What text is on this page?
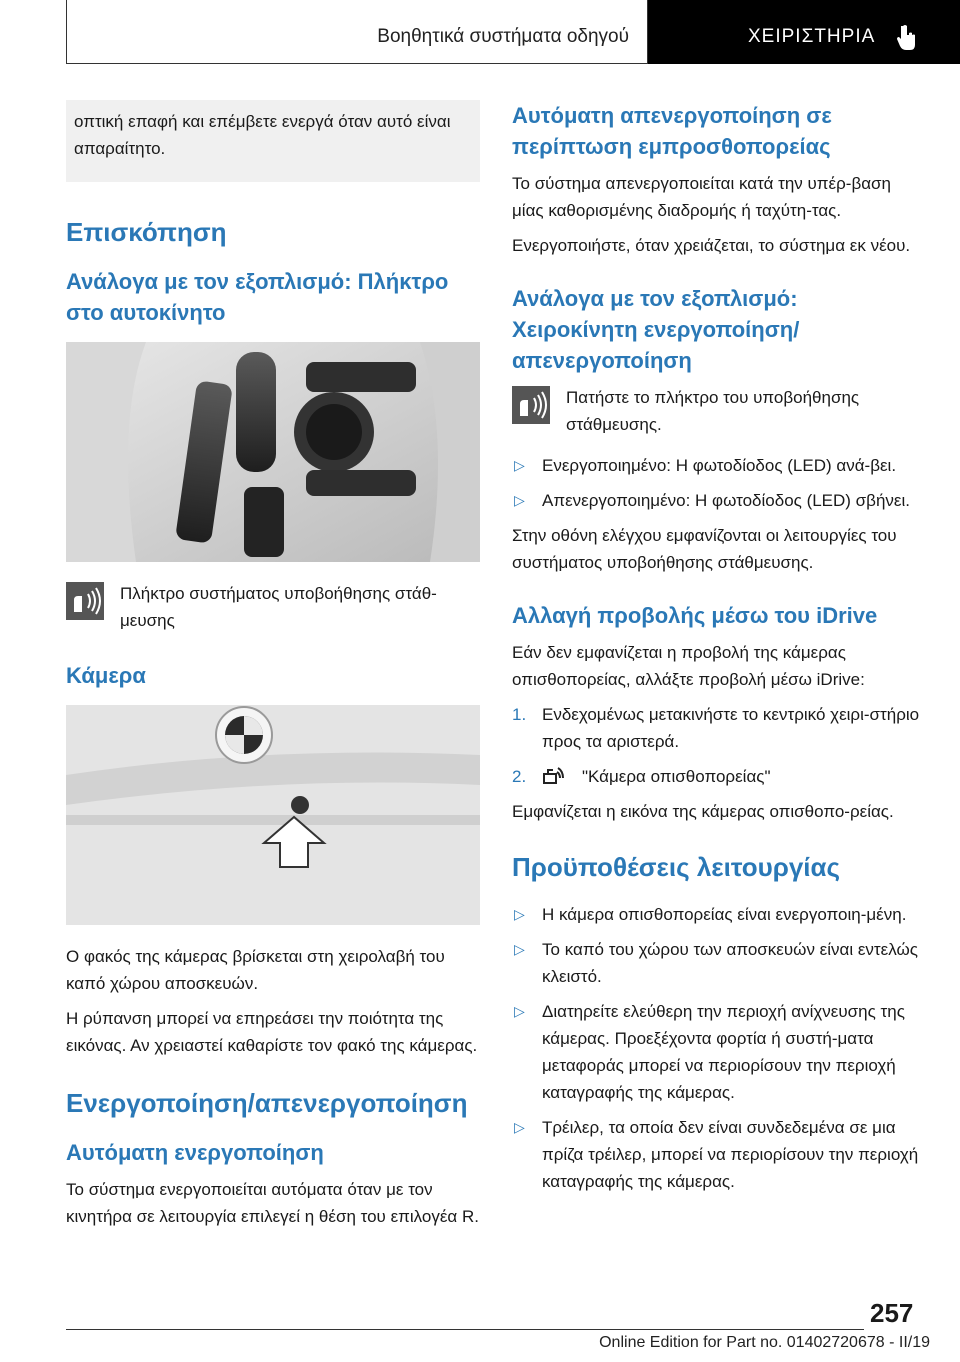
Βοηθητικά συστήματα οδηγού	ΧΕΙΡΙΣΤΗΡΙΑ
οπτική επαφή και επέμβετε ενεργά όταν αυτό είναι απαραίτητο.
Επισκόπηση
Ανάλογα με τον εξοπλισμό: Πλήκτρο στο αυτοκίνητο

Πλήκτρο συστήματος υποβοήθησης στάθ-μευσης

Κάμερα

Ο φακός της κάμερας βρίσκεται στη χειρολαβή του καπό χώρου αποσκευών.

Η ρύπανση μπορεί να επηρεάσει την ποιότητα της εικόνας. Αν χρειαστεί καθαρίστε τον φακό της κάμερας.

Ενεργοποίηση/απενεργοποίηση
Αυτόματη ενεργοποίηση

Το σύστημα ενεργοποιείται αυτόματα όταν με τον κινητήρα σε λειτουργία επιλεγεί η θέση του επιλογέα R.

Αυτόματη απενεργοποίηση σε περίπτωση εμπροσθοπορείας

Το σύστημα απενεργοποιείται κατά την υπέρ-βαση μίας καθορισμένης διαδρομής ή ταχύτη-τας.

Ενεργοποιήστε, όταν χρειάζεται, το σύστημα εκ νέου.

Ανάλογα με τον εξοπλισμό: Χειροκίνητη ενεργοποίηση/ απενεργοποίηση

Πατήστε το πλήκτρο του υποβοήθησης στάθμευσης.

▷ Ενεργοποιημένο: Η φωτοδίοδος (LED) ανά-βει.
▷ Απενεργοποιημένο: Η φωτοδίοδος (LED) σβήνει.

Στην οθόνη ελέγχου εμφανίζονται οι λειτουργίες του συστήματος υποβοήθησης στάθμευσης.

Αλλαγή προβολής μέσω του iDrive

Εάν δεν εμφανίζεται η προβολή της κάμερας οπισθοπορείας, αλλάξτε προβολή μέσω iDrive:

1. Ενδεχομένως μετακινήστε το κεντρικό χειρι-στήριο προς τα αριστερά.
2.	"Κάμερα οπισθοπορείας"

Εμφανίζεται η εικόνα της κάμερας οπισθοπο-ρείας.

Προϋποθέσεις λειτουργίας
▷ Η κάμερα οπισθοπορείας είναι ενεργοποιη-μένη.
▷ Το καπό του χώρου των αποσκευών είναι εντελώς κλειστό.
▷ Διατηρείτε ελεύθερη την περιοχή ανίχνευσης της κάμερας. Προεξέχοντα φορτία ή συστή-ματα μεταφοράς μπορεί να περιορίσουν την περιοχή καταγραφής της κάμερας.
▷ Τρέιλερ, τα οποία δεν είναι συνδεδεμένα σε μια πρίζα τρέιλερ, μπορεί να περιορίσουν την περιοχή καταγραφής της κάμερας.
257
Online Edition for Part no. 01402720678 - II/19
